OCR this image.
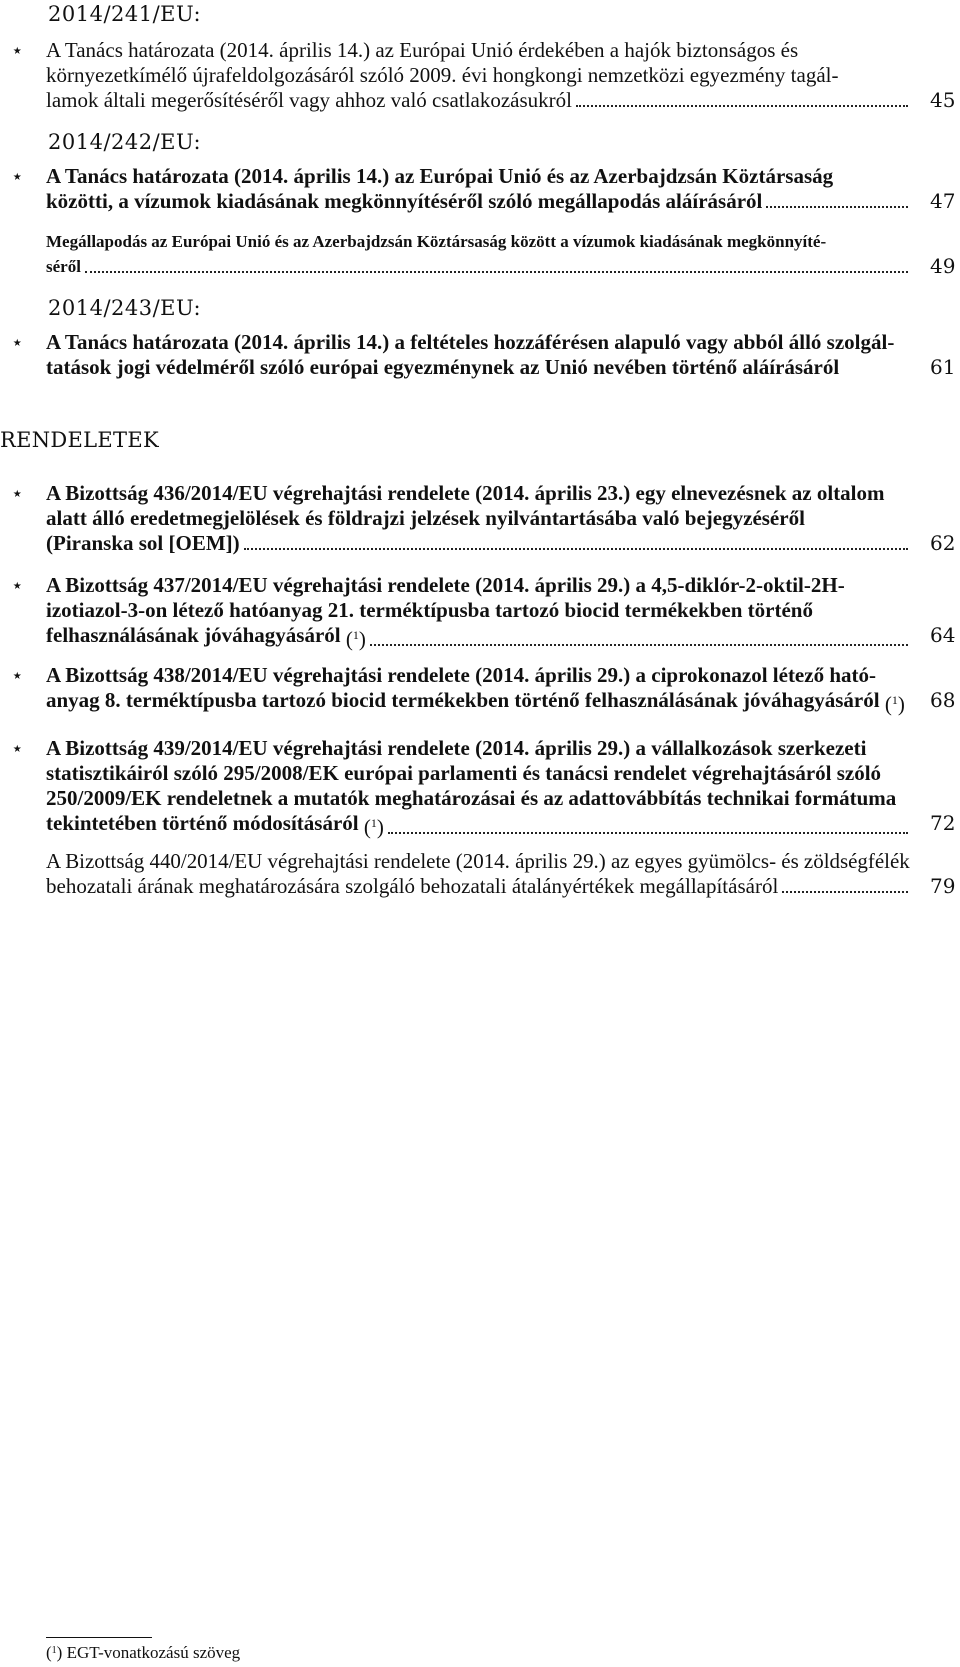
2014/241/EU:
⋆ A Tanács határozata (2014. április 14.) az Európai Unió érdekében a hajók biztonságos és
környezetkímélő újrafeldolgozásáról szóló 2009. évi hongkongi nemzetközi egyezmény tagál-
lamok általi megerősítéséről vagy ahhoz való csatlakozásukról	45
2014/242/EU:
⋆ A Tanács határozata (2014. április 14.) az Európai Unió és az Azerbajdzsán Köztársaság
közötti, a vízumok kiadásának megkönnyítéséről szóló megállapodás aláírásáról	47
Megállapodás az Európai Unió és az Azerbajdzsán Köztársaság között a vízumok kiadásának megkönnyíté-
séről	49
2014/243/EU:
⋆ A Tanács határozata (2014. április 14.) a feltételes hozzáférésen alapuló vagy abból álló szolgál-
tatások jogi védelméről szóló európai egyezménynek az Unió nevében történő aláírásáról	61
RENDELETEK
⋆ A Bizottság 436/2014/EU végrehajtási rendelete (2014. április 23.) egy elnevezésnek az oltalom
alatt álló eredetmegjelölések és földrajzi jelzések nyilvántartásába való bejegyzéséről
(Piranska sol [OEM])	62
⋆ A Bizottság 437/2014/EU végrehajtási rendelete (2014. április 29.) a 4,5-diklór-2-oktil-2H-
izotiazol-3-on létező hatóanyag 21. terméktípusba tartozó biocid termékekben történő
felhasználásának jóváhagyásáról ($^1$)	64
⋆ A Bizottság 438/2014/EU végrehajtási rendelete (2014. április 29.) a ciprokonazol létező ható-
anyag 8. terméktípusba tartozó biocid termékekben történő felhasználásának jóváhagyásáról ($^1$) 68
⋆ A Bizottság 439/2014/EU végrehajtási rendelete (2014. április 29.) a vállalkozások szerkezeti
statisztikáiról szóló 295/2008/EK európai parlamenti és tanácsi rendelet végrehajtásáról szóló
250/2009/EK rendeletnek a mutatók meghatározásai és az adattovábbítás technikai formátuma
tekintetében történő módosításáról ($^1$)	72
A Bizottság 440/2014/EU végrehajtási rendelete (2014. április 29.) az egyes gyümölcs- és zöldségfélék
behozatali árának meghatározására szolgáló behozatali átalányértékek megállapításáról	79
($^1$) EGT-vonatkozású szöveg
